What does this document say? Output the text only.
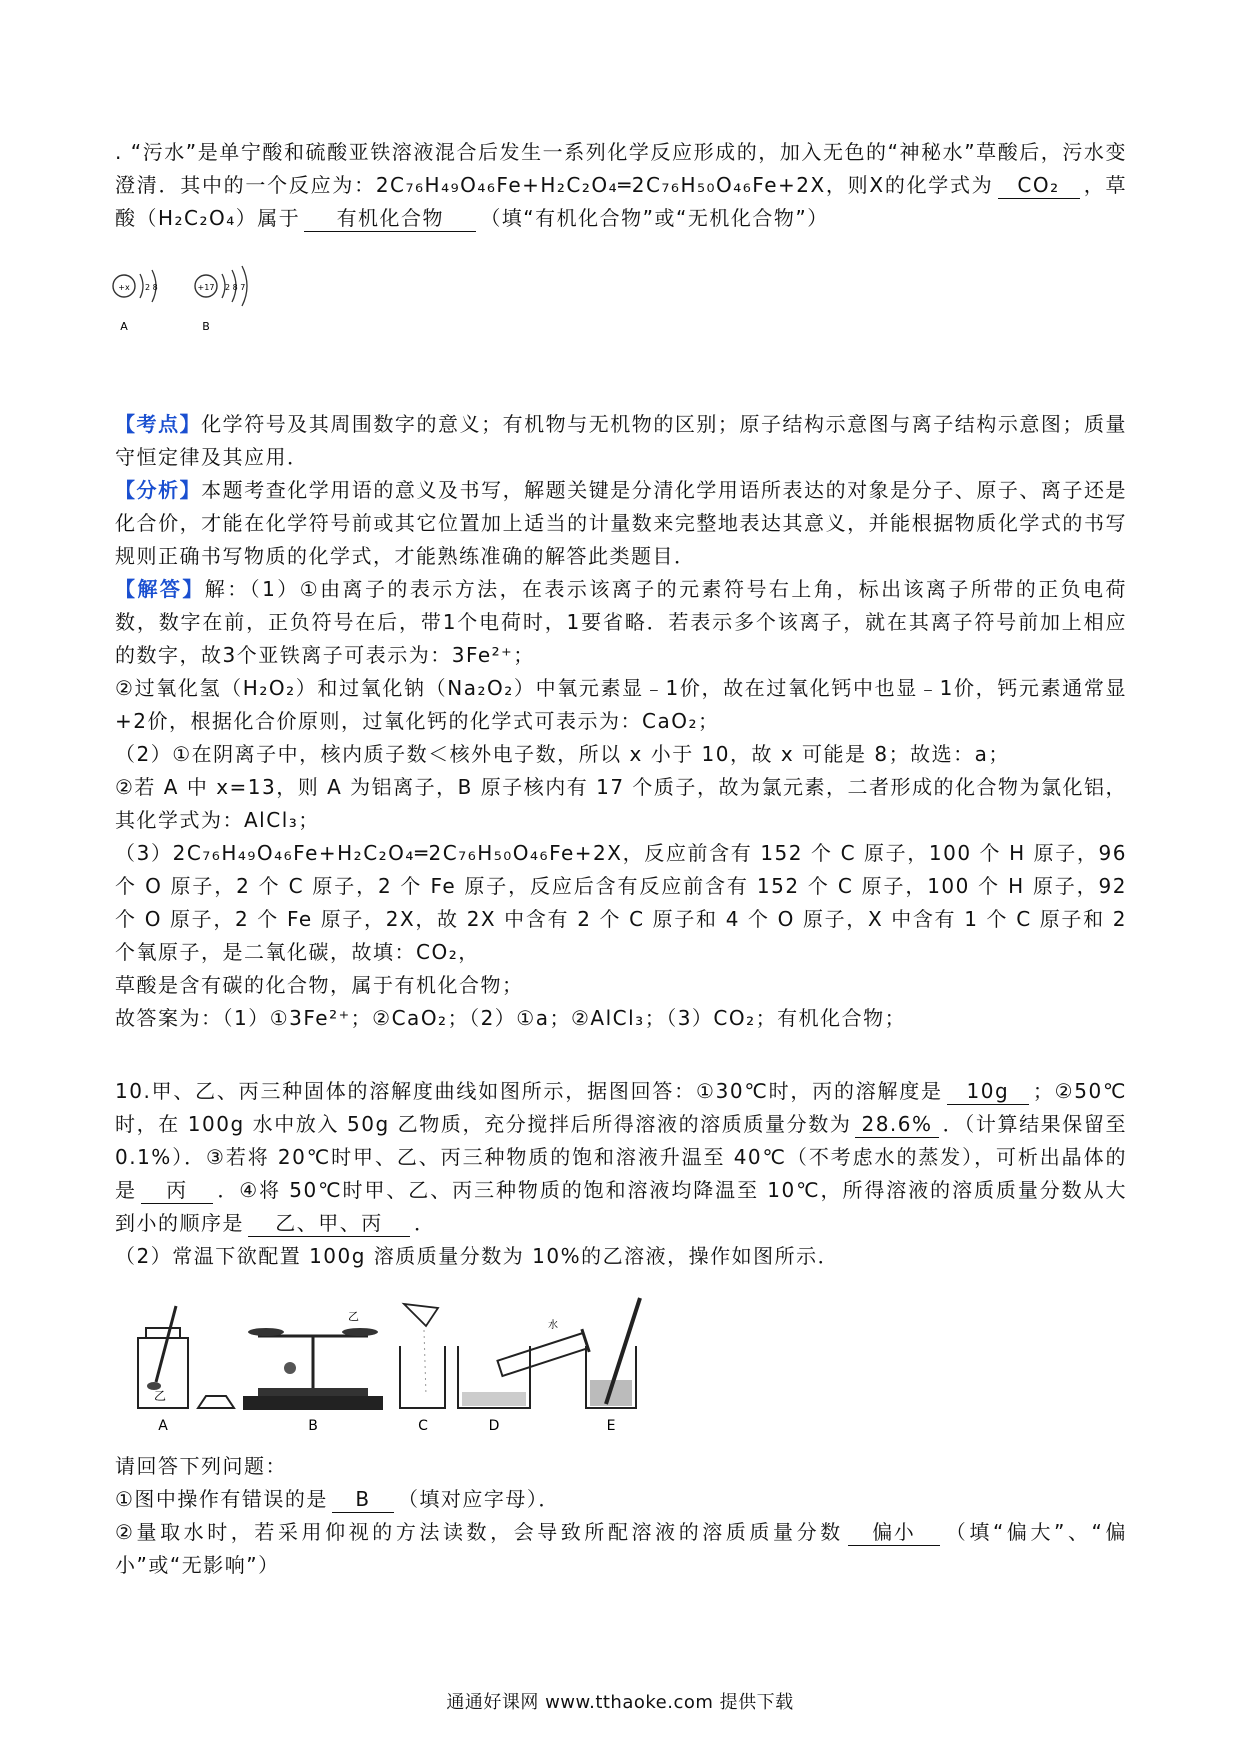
. “污水”是单宁酸和硫酸亚铁溶液混合后发生一系列化学反应形成的，加入无色的“神秘水”草酸后，污水变澄清．其中的一个反应为：2C₇₆H₄₉O₄₆Fe+H₂C₂O₄═2C₇₆H₅₀O₄₆Fe+2X，则X的化学式为 CO₂ ，草酸（H₂C₂O₄）属于 有机化合物 （填“有机化合物”或“无机化合物”）
+x 2 8
A
+17 2 8 7
B
【考点】化学符号及其周围数字的意义；有机物与无机物的区别；原子结构示意图与离子结构示意图；质量守恒定律及其应用．
【分析】本题考查化学用语的意义及书写，解题关键是分清化学用语所表达的对象是分子、原子、离子还是化合价，才能在化学符号前或其它位置加上适当的计量数来完整地表达其意义，并能根据物质化学式的书写规则正确书写物质的化学式，才能熟练准确的解答此类题目．
【解答】解：（1）①由离子的表示方法，在表示该离子的元素符号右上角，标出该离子所带的正负电荷数，数字在前，正负符号在后，带1个电荷时，1要省略．若表示多个该离子，就在其离子符号前加上相应的数字，故3个亚铁离子可表示为：3Fe²⁺；
②过氧化氢（H₂O₂）和过氧化钠（Na₂O₂）中氧元素显﹣1价，故在过氧化钙中也显﹣1价，钙元素通常显+2价，根据化合价原则，过氧化钙的化学式可表示为：CaO₂；
（2）①在阴离子中，核内质子数＜核外电子数，所以 x 小于 10，故 x 可能是 8；故选：a；
②若 A 中 x=13，则 A 为铝离子，B 原子核内有 17 个质子，故为氯元素，二者形成的化合物为氯化铝，其化学式为：AlCl₃；
（3）2C₇₆H₄₉O₄₆Fe+H₂C₂O₄═2C₇₆H₅₀O₄₆Fe+2X，反应前含有 152 个 C 原子，100 个 H 原子，96 个 O 原子，2 个 C 原子，2 个 Fe 原子，反应后含有反应前含有 152 个 C 原子，100 个 H 原子，92 个 O 原子，2 个 Fe 原子，2X，故 2X 中含有 2 个 C 原子和 4 个 O 原子，X 中含有 1 个 C 原子和 2 个氧原子，是二氧化碳，故填：CO₂，
草酸是含有碳的化合物，属于有机化合物；
故答案为：（1）①3Fe²⁺；②CaO₂；（2）①a；②AlCl₃；（3）CO₂；有机化合物；
10.甲、乙、丙三种固体的溶解度曲线如图所示，据图回答：①30℃时，丙的溶解度是 10g ；②50℃时，在 100g 水中放入 50g 乙物质，充分搅拌后所得溶液的溶质质量分数为 28.6% ．（计算结果保留至 0.1%）．③若将 20℃时甲、乙、丙三种物质的饱和溶液升温至 40℃（不考虑水的蒸发），可析出晶体的是 丙 ．④将 50℃时甲、乙、丙三种物质的饱和溶液均降温至 10℃，所得溶液的溶质质量分数从大到小的顺序是 乙、甲、丙 ．
（2）常温下欲配置 100g 溶质质量分数为 10%的乙溶液，操作如图所示．
乙
A
乙
B	C	D
水
E
请回答下列问题：
①图中操作有错误的是 B （填对应字母）．
②量取水时，若采用仰视的方法读数，会导致所配溶液的溶质质量分数 偏小 （填“偏大”、“偏小”或“无影响”）
通通好课网 www.tthaoke.com 提供下载
